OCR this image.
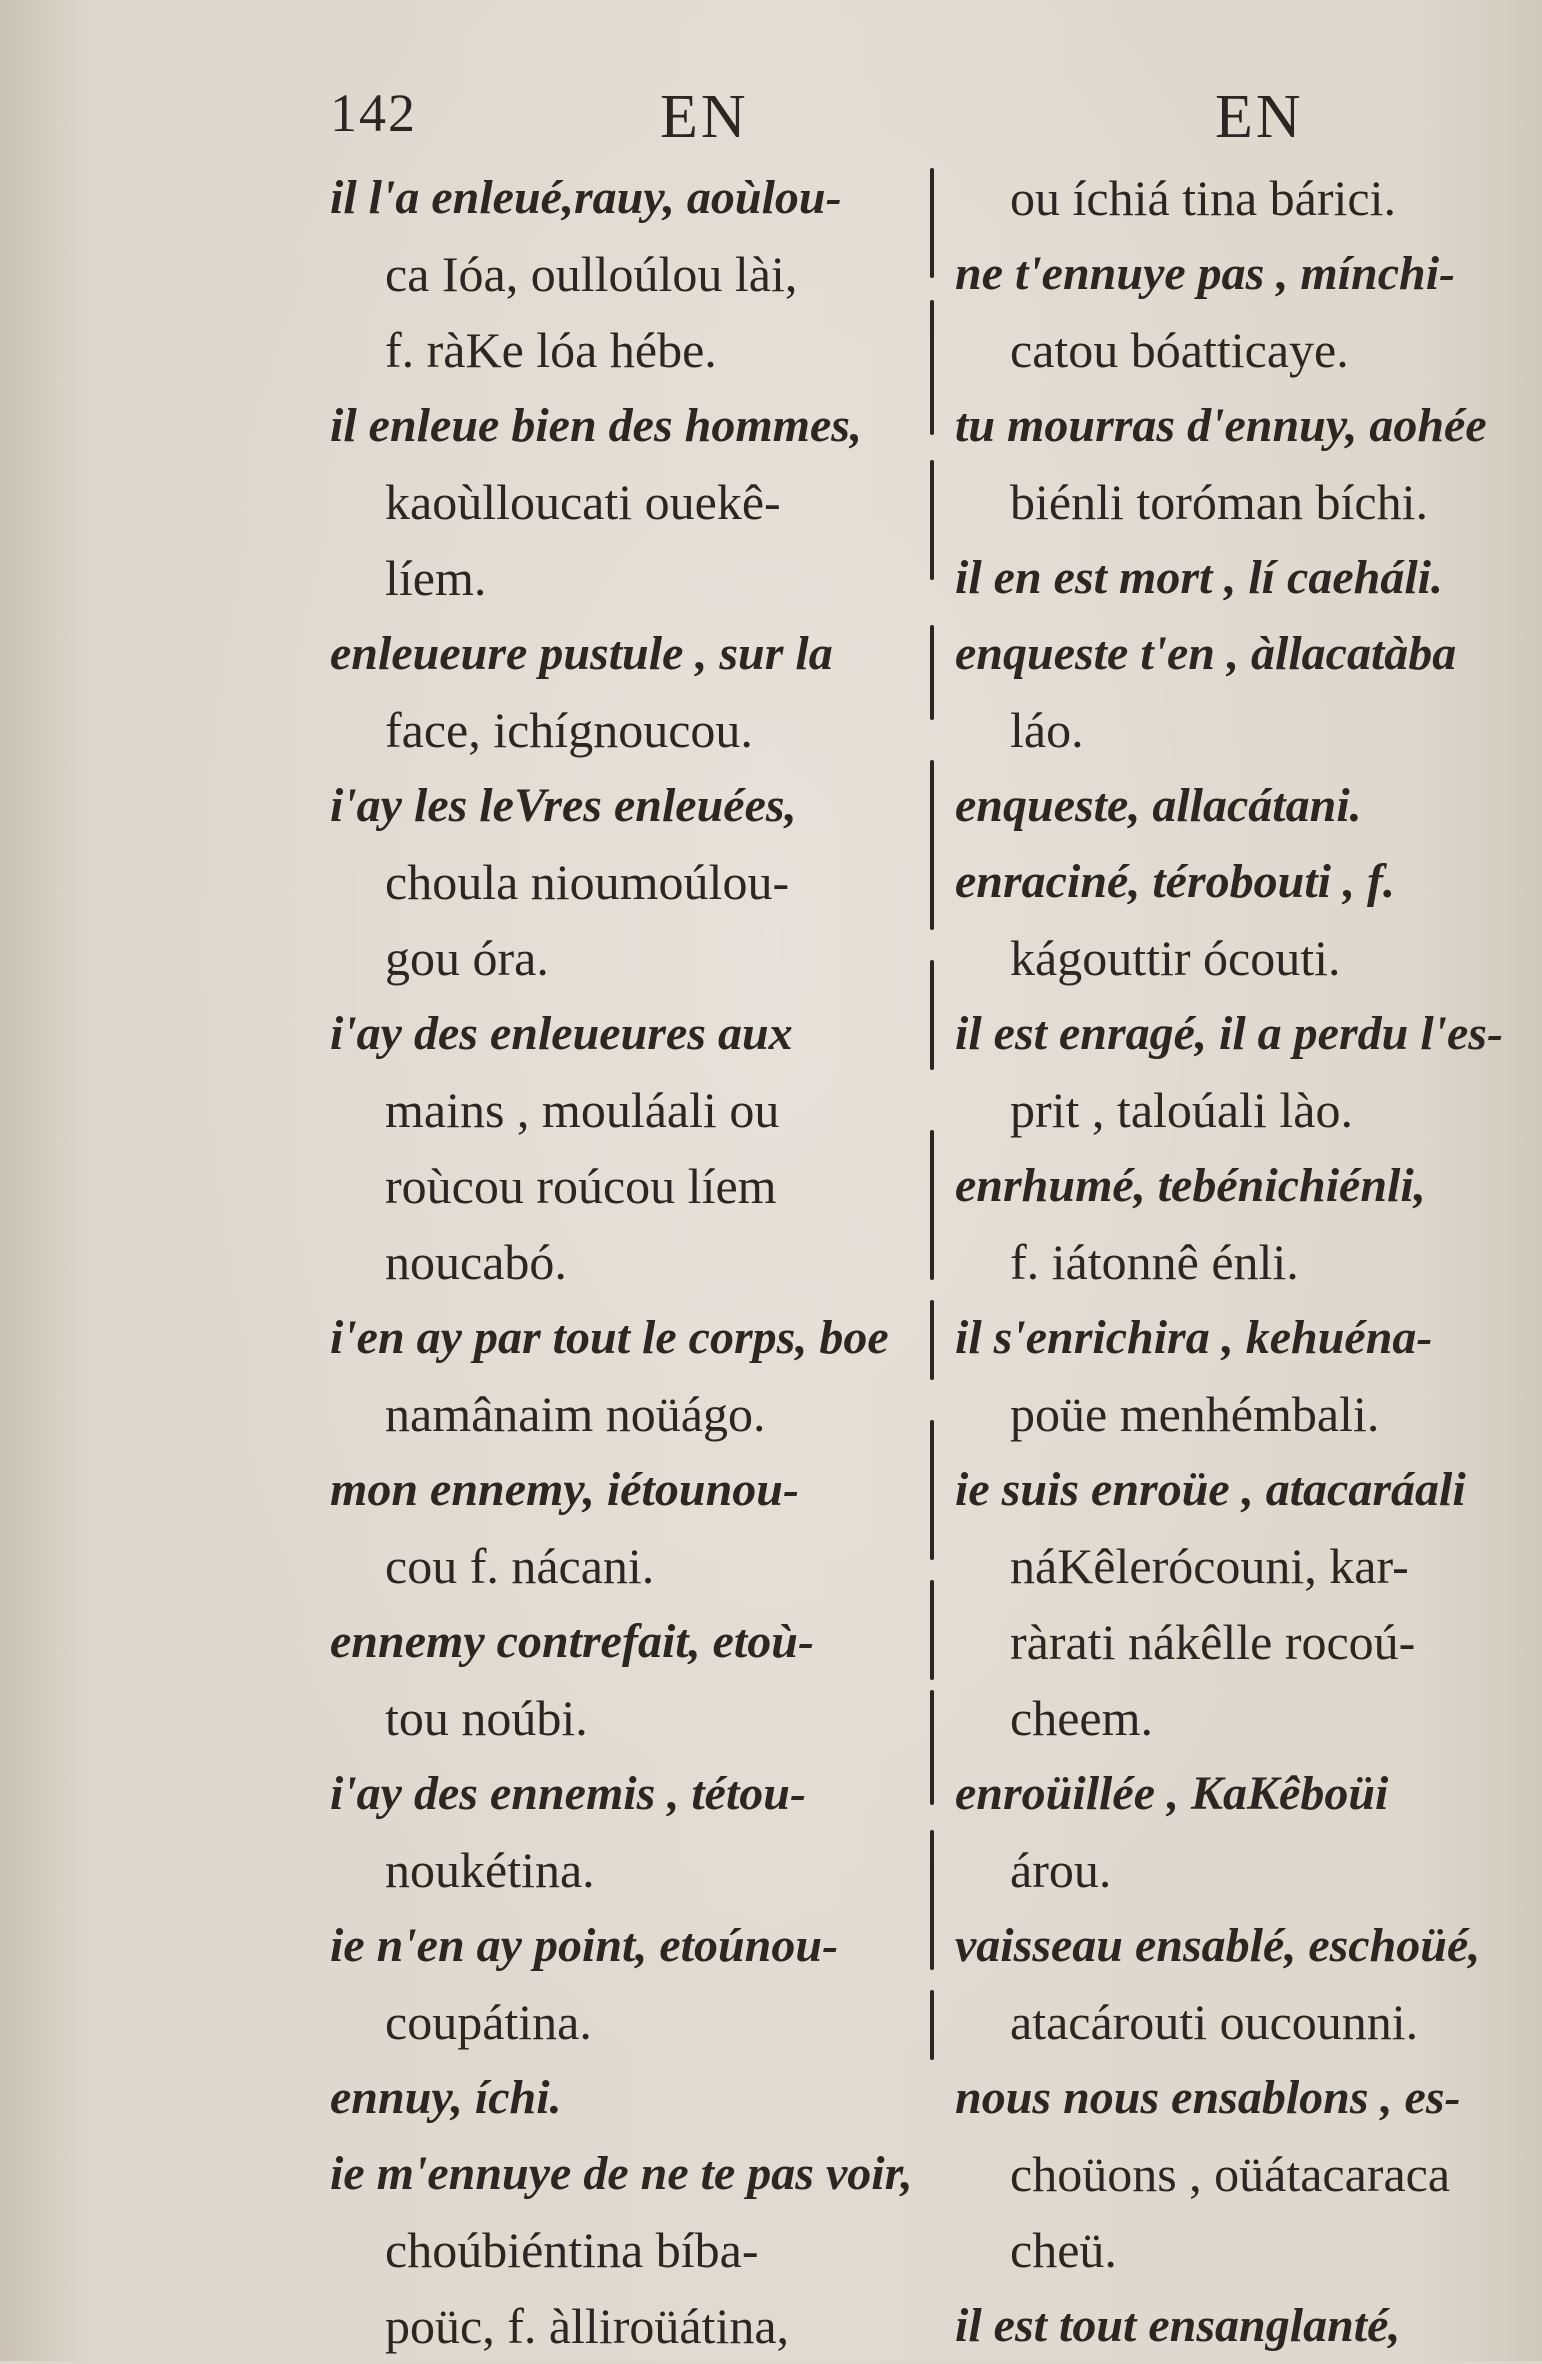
142	EN	EN
il l'a enleué,rauy, aoùlou-
ca Ióa, oulloúlou lài,
f. ràKe lóa hébe.
il enleue bien des hommes,
kaoùlloucati ouekê-
líem.
enleueure pustule , sur la
face, ichígnoucou.
i'ay les leVres enleuées,
choula nioumoúlou-
gou óra.
i'ay des enleueures aux
mains , mouláali ou
roùcou roúcou líem
noucabó.
i'en ay par tout le corps, boe
namânaim noüágo.
mon ennemy, iétounou-
cou f. nácani.
ennemy contrefait, etoù-
tou noúbi.
i'ay des ennemis , tétou-
noukétina.
ie n'en ay point, etoúnou-
coupátina.
ennuy, íchi.
ie m'ennuye de ne te pas voir,
choúbiéntina bíba-
poüc, f. àlliroüátina,
ou íchiá tina bárici.
ne t'ennuye pas , mínchi-
catou bóatticaye.
tu mourras d'ennuy, aohée
biénli toróman bíchi.
il en est mort , lí caeháli.
enqueste t'en , àllacatàba
láo.
enqueste, allacátani.
enraciné, térobouti , f.
kágouttir ócouti.
il est enragé, il a perdu l'es-
prit , taloúali lào.
enrhumé, tebénichiénli,
f. iátonnê énli.
il s'enrichira , kehuéna-
poüe menhémbali.
ie suis enroüe , atacaráali
náKêlerócouni, kar-
ràrati nákêlle rocoú-
cheem.
enroüillée , KaKêboüi
árou.
vaisseau ensablé, eschoüé,
atacárouti oucounni.
nous nous ensablons , es-
choüons , oüátacaraca
cheü.
il est tout ensanglanté,
